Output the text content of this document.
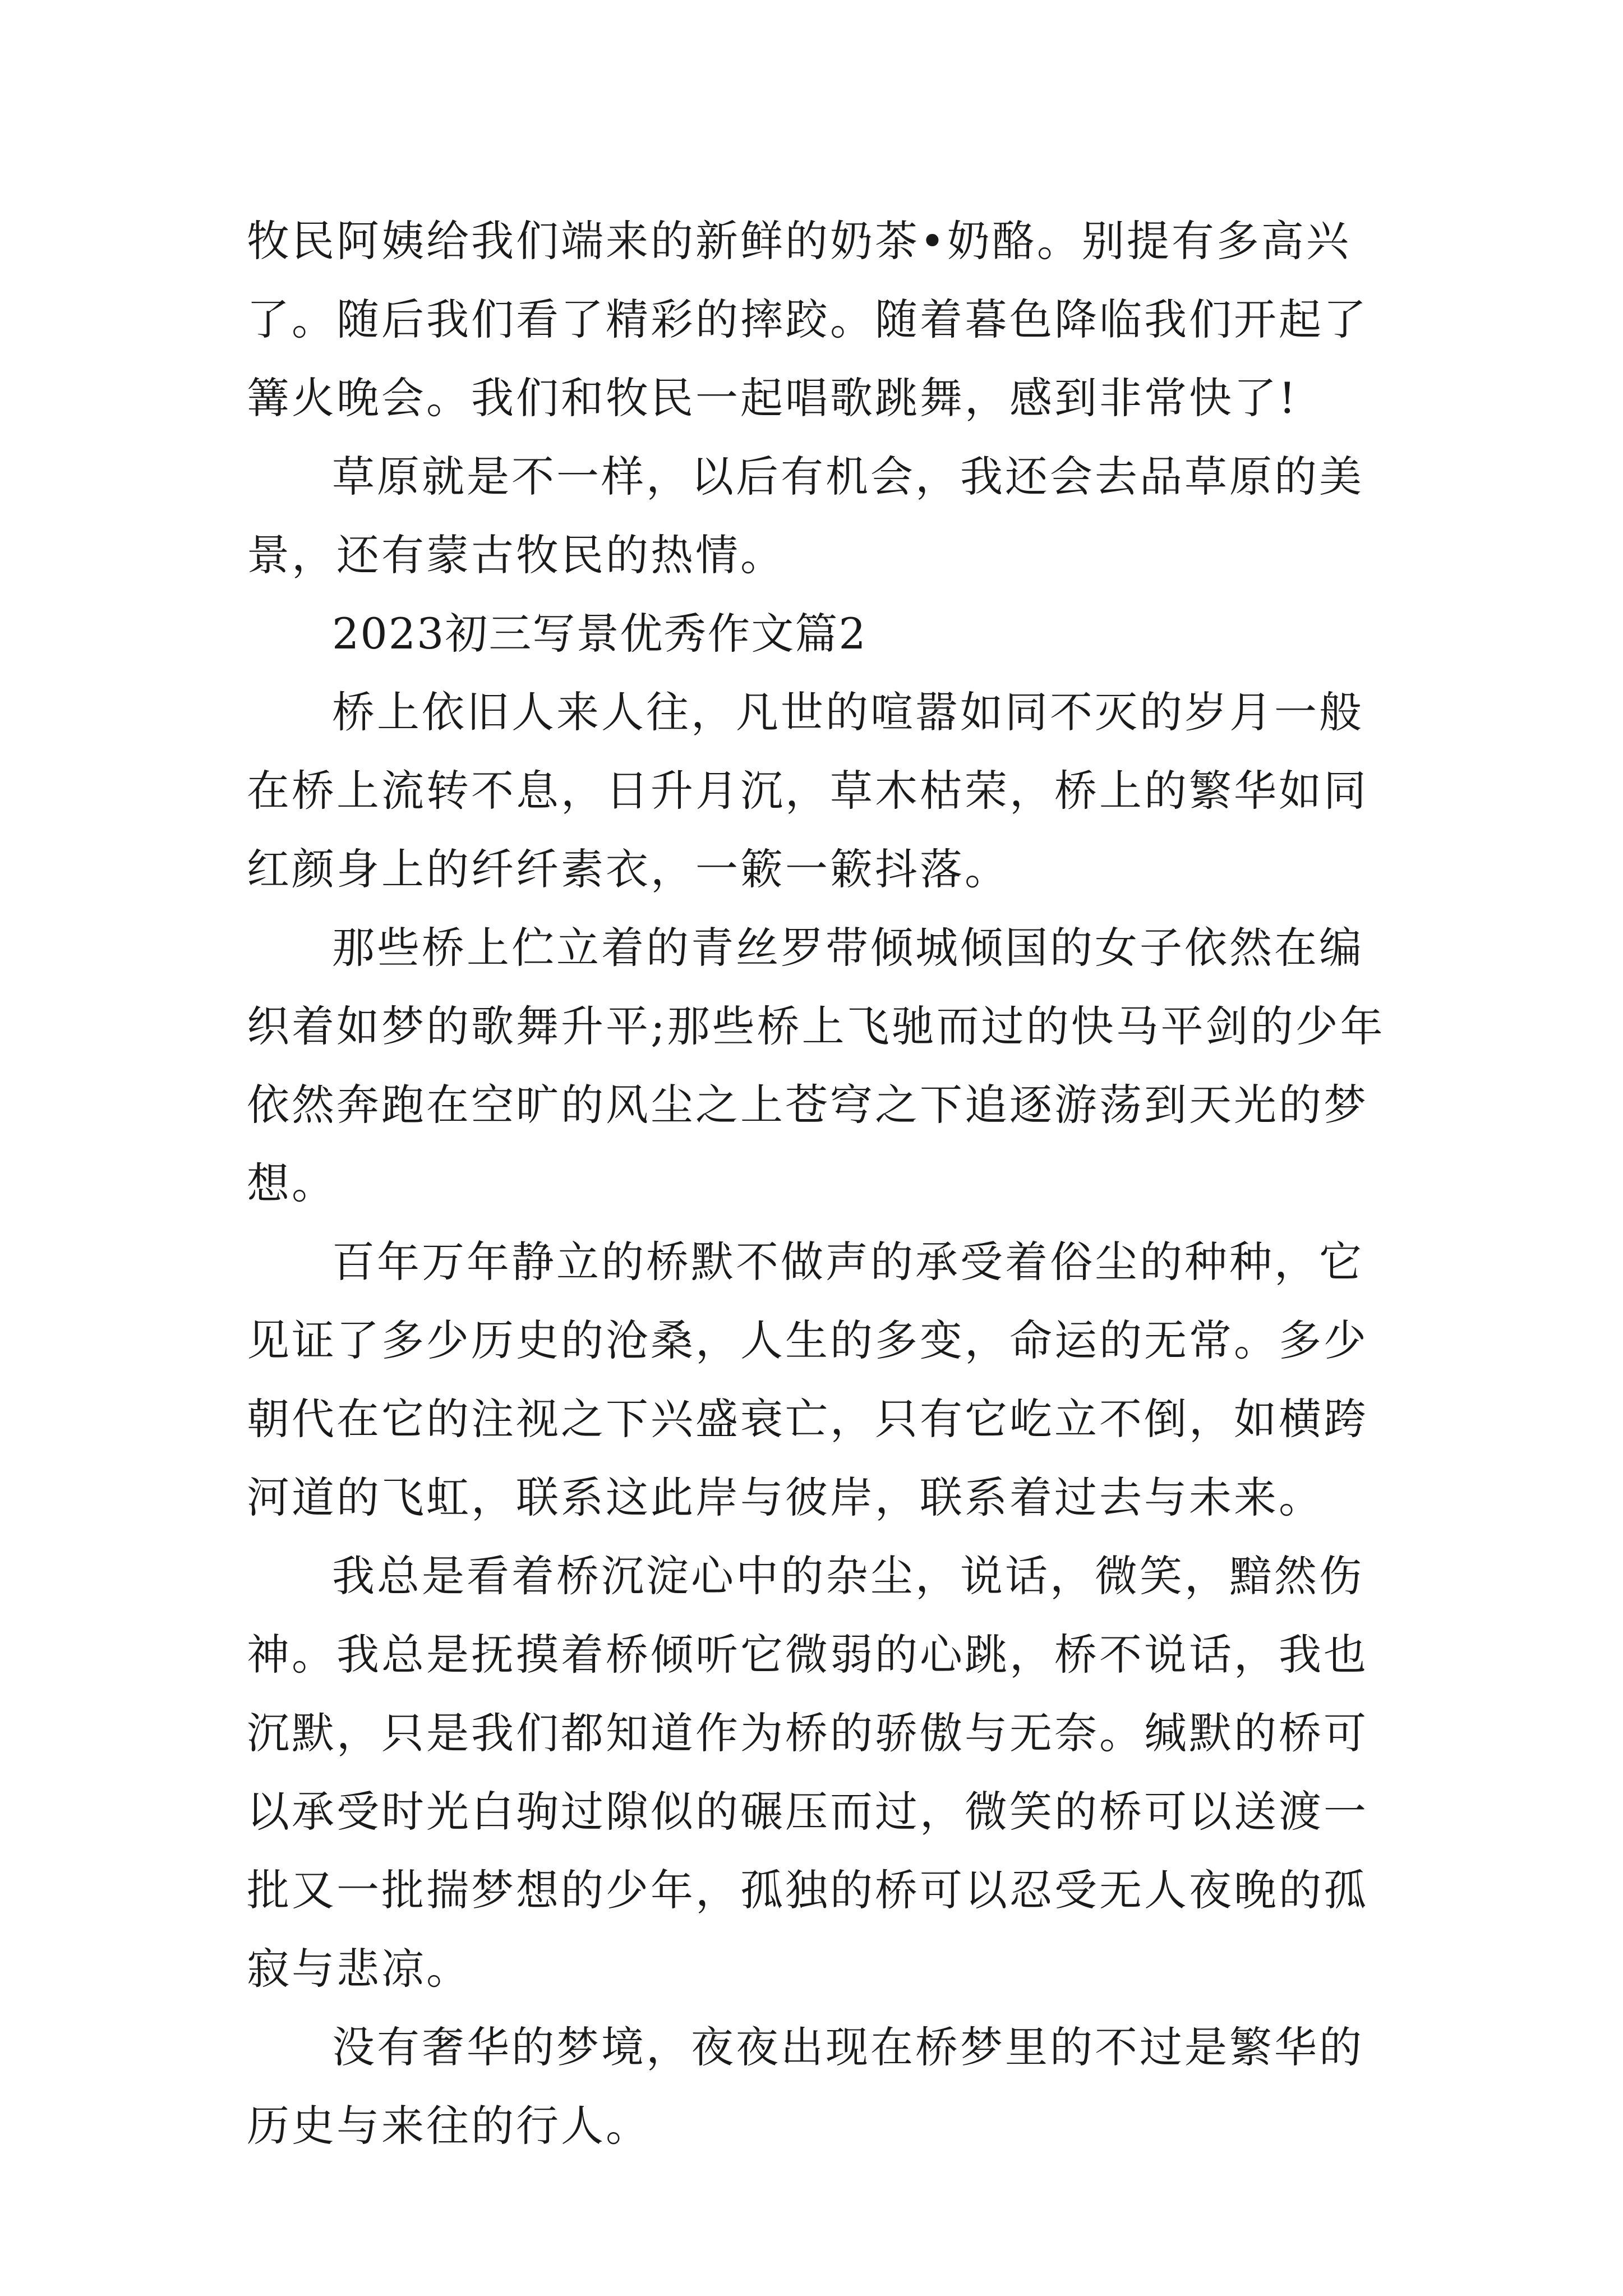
牧民阿姨给我们端来的新鲜的奶茶•奶酪。别提有多高兴了。随后我们看了精彩的摔跤。随着暮色降临我们开起了篝火晚会。我们和牧民一起唱歌跳舞，感到非常快了!

草原就是不一样，以后有机会，我还会去品草原的美景，还有蒙古牧民的热情。

2023初三写景优秀作文篇2

桥上依旧人来人往，凡世的喧嚣如同不灭的岁月一般在桥上流转不息，日升月沉，草木枯荣，桥上的繁华如同红颜身上的纤纤素衣，一簌一簌抖落。

那些桥上伫立着的青丝罗带倾城倾国的女子依然在编织着如梦的歌舞升平;那些桥上飞驰而过的快马平剑的少年依然奔跑在空旷的风尘之上苍穹之下追逐游荡到天光的梦想。

百年万年静立的桥默不做声的承受着俗尘的种种，它见证了多少历史的沧桑，人生的多变，命运的无常。多少朝代在它的注视之下兴盛衰亡，只有它屹立不倒，如横跨河道的飞虹，联系这此岸与彼岸，联系着过去与未来。

我总是看着桥沉淀心中的杂尘，说话，微笑，黯然伤神。我总是抚摸着桥倾听它微弱的心跳，桥不说话，我也沉默，只是我们都知道作为桥的骄傲与无奈。缄默的桥可以承受时光白驹过隙似的碾压而过，微笑的桥可以送渡一批又一批揣梦想的少年，孤独的桥可以忍受无人夜晚的孤寂与悲凉。

没有奢华的梦境，夜夜出现在桥梦里的不过是繁华的历史与来往的行人。
